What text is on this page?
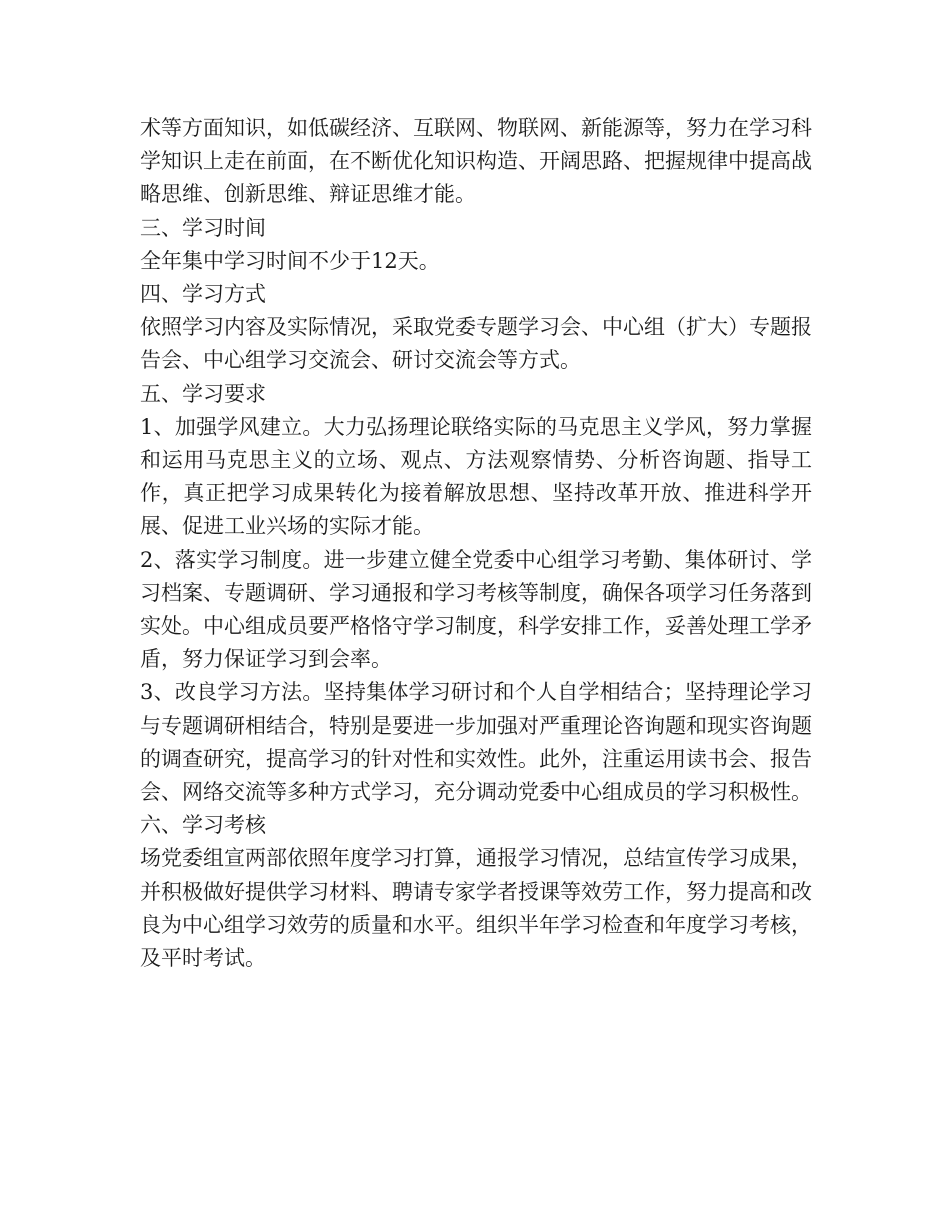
术等方面知识，如低碳经济、互联网、物联网、新能源等，努力在学习科学知识上走在前面，在不断优化知识构造、开阔思路、把握规律中提高战略思维、创新思维、辩证思维才能。

三、学习时间

全年集中学习时间不少于12天。

四、学习方式

依照学习内容及实际情况，采取党委专题学习会、中心组（扩大）专题报告会、中心组学习交流会、研讨交流会等方式。

五、学习要求

1、加强学风建立。大力弘扬理论联络实际的马克思主义学风，努力掌握和运用马克思主义的立场、观点、方法观察情势、分析咨询题、指导工作，真正把学习成果转化为接着解放思想、坚持改革开放、推进科学开展、促进工业兴场的实际才能。

2、落实学习制度。进一步建立健全党委中心组学习考勤、集体研讨、学习档案、专题调研、学习通报和学习考核等制度，确保各项学习任务落到实处。中心组成员要严格恪守学习制度，科学安排工作，妥善处理工学矛盾，努力保证学习到会率。

3、改良学习方法。坚持集体学习研讨和个人自学相结合；坚持理论学习与专题调研相结合，特别是要进一步加强对严重理论咨询题和现实咨询题的调查研究，提高学习的针对性和实效性。此外，注重运用读书会、报告会、网络交流等多种方式学习，充分调动党委中心组成员的学习积极性。

六、学习考核

场党委组宣两部依照年度学习打算，通报学习情况，总结宣传学习成果，并积极做好提供学习材料、聘请专家学者授课等效劳工作，努力提高和改良为中心组学习效劳的质量和水平。组织半年学习检查和年度学习考核，及平时考试。
